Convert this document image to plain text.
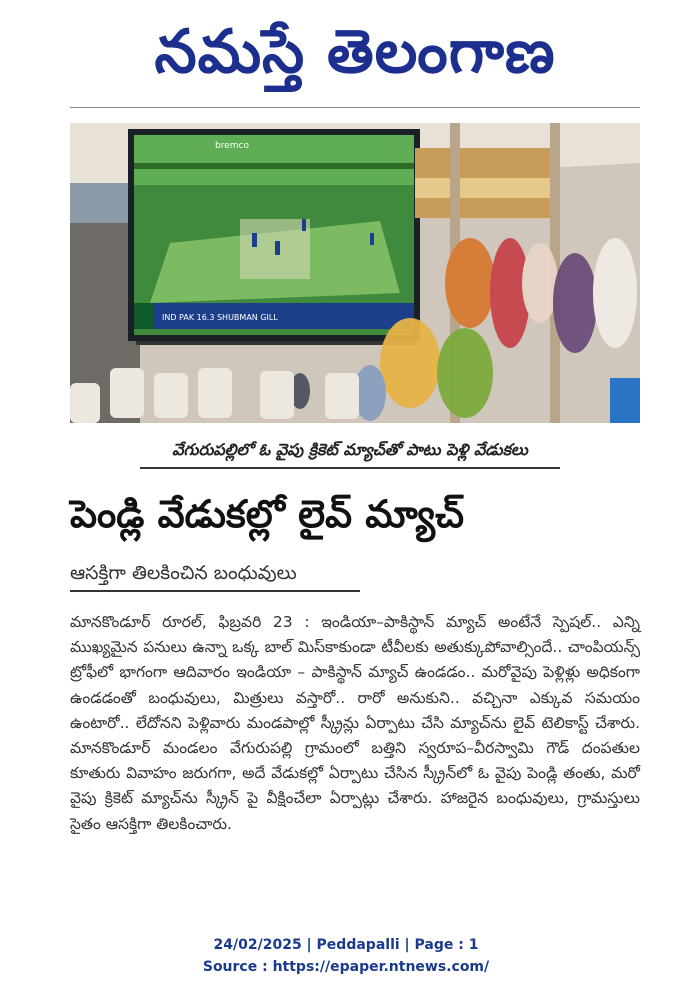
నమస్తే తెలంగాణ
bremco
IND PAK 16.3 SHUBMAN GILL
వేగురుపల్లిలో ఓ వైపు క్రికెట్ మ్యాచ్‌తో పాటు పెళ్లి వేడుకలు
పెండ్లి వేడుకల్లో లైవ్ మ్యాచ్
ఆసక్తిగా తిలకించిన బంధువులు
మానకొండూర్ రూరల్, ఫిబ్రవరి 23 : ఇండియా–పాకిస్థాన్ మ్యాచ్ అంటేనే స్పెషల్.. ఎన్ని ముఖ్యమైన పనులు ఉన్నా ఒక్క బాల్ మిస్‌కాకుండా టీవీలకు అతుక్కుపోవాల్సిందే.. చాంపియన్స్ ట్రోఫీలో భాగంగా ఆదివారం ఇండియా – పాకిస్థాన్ మ్యాచ్ ఉండడం.. మరోవైపు పెళ్లిళ్లు అధికంగా ఉండడంతో బంధువులు, మిత్రులు వస్తారో.. రారో అనుకుని.. వచ్చినా ఎక్కువ సమయం ఉంటారో.. లేదోనని పెళ్లివారు మండపాల్లో స్క్రీన్లు ఏర్పాటు చేసి మ్యాచ్‌ను లైవ్ టెలికాస్ట్ చేశారు. మానకొండూర్ మండలం వేగురుపల్లి గ్రామంలో బత్తిని స్వరూప–వీరస్వామి గౌడ్ దంపతుల కూతురు వివాహం జరుగగా, అదే వేడుకల్లో ఏర్పాటు చేసిన స్క్రీన్‌లో ఓ వైపు పెండ్లి తంతు, మరో వైపు క్రికెట్ మ్యాచ్‌ను స్క్రీన్ పై వీక్షించేలా ఏర్పాట్లు చేశారు. హాజరైన బంధువులు, గ్రామస్తులు సైతం ఆసక్తిగా తిలకించారు.
24/02/2025 | Peddapalli | Page : 1
Source : https://epaper.ntnews.com/
